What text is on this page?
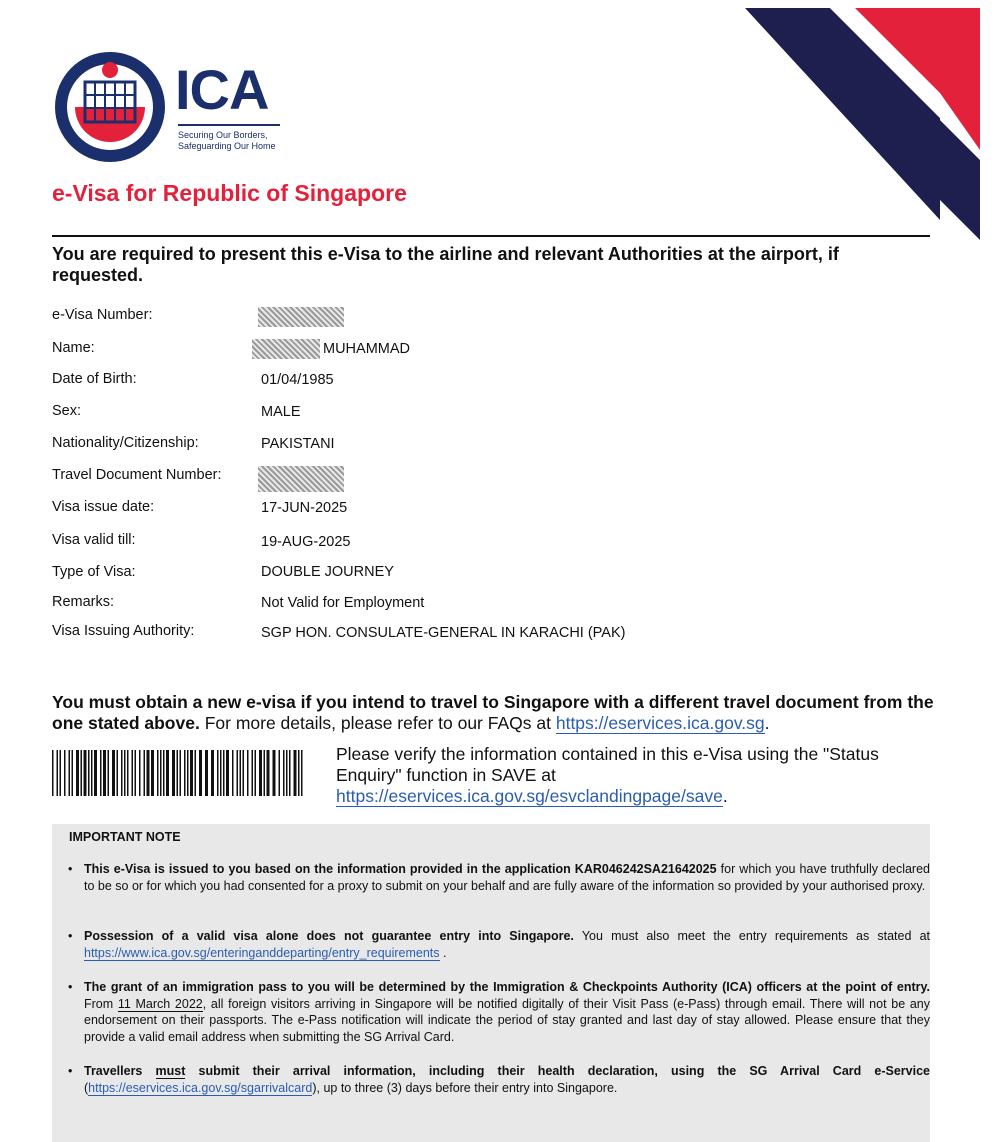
ICA
Securing Our Borders,
Safeguarding Our Home
e-Visa for Republic of Singapore
You are required to present this e-Visa to the airline and relevant Authorities at the airport, if requested.
e-Visa Number:
Name:	MUHAMMAD
Date of Birth:	01/04/1985
Sex:	MALE
Nationality/Citizenship:	PAKISTANI
Travel Document Number:
Visa issue date:	17-JUN-2025
Visa valid till:	19-AUG-2025
Type of Visa:	DOUBLE JOURNEY
Remarks:	Not Valid for Employment
Visa Issuing Authority:	SGP HON. CONSULATE-GENERAL IN KARACHI (PAK)
You must obtain a new e-visa if you intend to travel to Singapore with a different travel document from the one stated above. For more details, please refer to our FAQs at https://eservices.ica.gov.sg.
Please verify the information contained in this e-Visa using the "Status Enquiry" function in SAVE at https://eservices.ica.gov.sg/esvclandingpage/save.
IMPORTANT NOTE
• This e-Visa is issued to you based on the information provided in the application KAR046242SA21642025 for which you have truthfully declared to be so or for which you had consented for a proxy to submit on your behalf and are fully aware of the information so provided by your authorised proxy.
• Possession of a valid visa alone does not guarantee entry into Singapore. You must also meet the entry requirements as stated at https://www.ica.gov.sg/enteringanddeparting/entry_requirements .
• The grant of an immigration pass to you will be determined by the Immigration & Checkpoints Authority (ICA) officers at the point of entry. From 11 March 2022, all foreign visitors arriving in Singapore will be notified digitally of their Visit Pass (e-Pass) through email. There will not be any endorsement on their passports. The e-Pass notification will indicate the period of stay granted and last day of stay allowed. Please ensure that they provide a valid email address when submitting the SG Arrival Card.
• Travellers must submit their arrival information, including their health declaration, using the SG Arrival Card e-Service (https://eservices.ica.gov.sg/sgarrivalcard), up to three (3) days before their entry into Singapore.
